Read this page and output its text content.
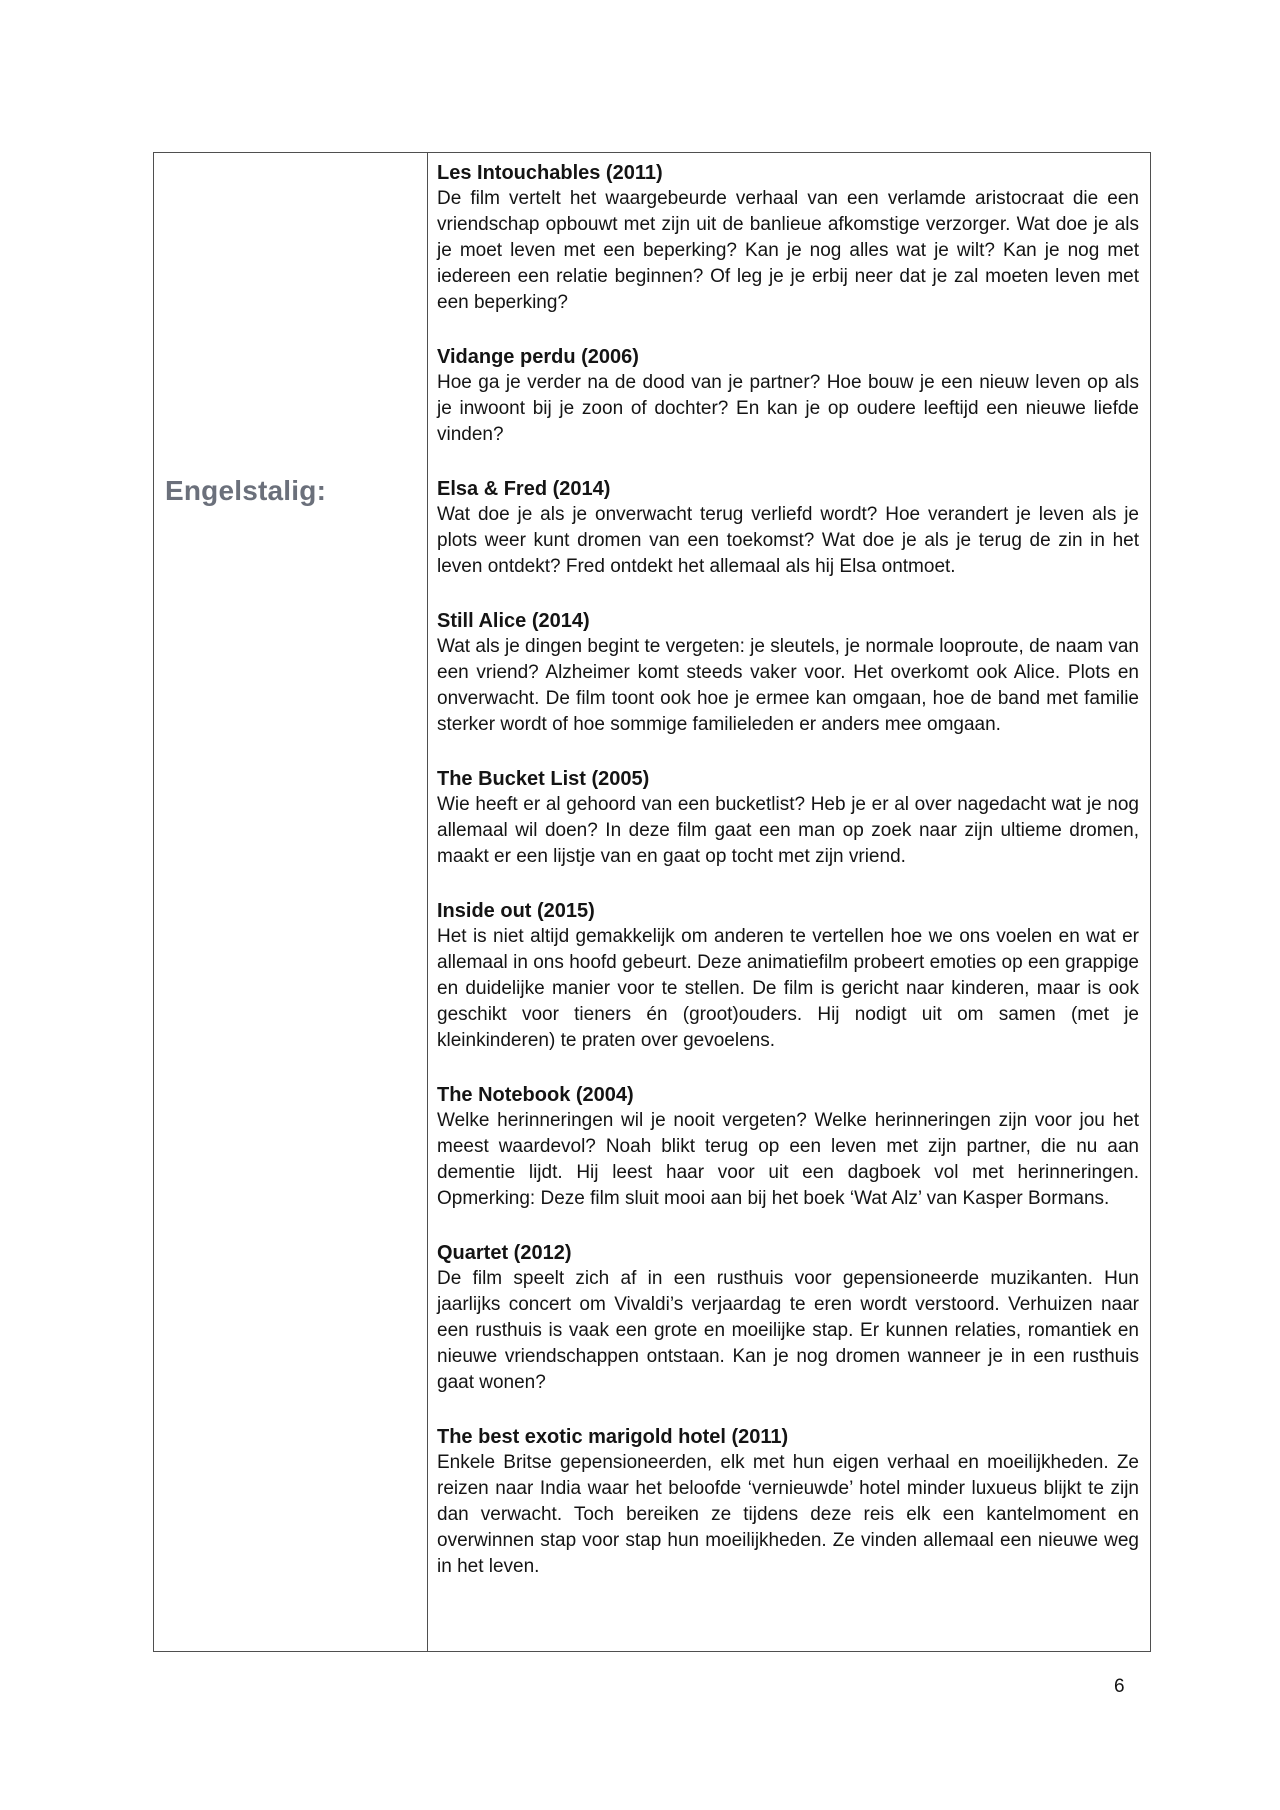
Engelstalig:
Les Intouchables (2011)

De film vertelt het waargebeurde verhaal van een verlamde aristocraat die een vriendschap opbouwt met zijn uit de banlieue afkomstige verzorger. Wat doe je als je moet leven met een beperking? Kan je nog alles wat je wilt? Kan je nog met iedereen een relatie beginnen? Of leg je je erbij neer dat je zal moeten leven met een beperking?

Vidange perdu (2006)

Hoe ga je verder na de dood van je partner? Hoe bouw je een nieuw leven op als je inwoont bij je zoon of dochter? En kan je op oudere leeftijd een nieuwe liefde vinden?

Elsa & Fred (2014)

Wat doe je als je onverwacht terug verliefd wordt? Hoe verandert je leven als je plots weer kunt dromen van een toekomst? Wat doe je als je terug de zin in het leven ontdekt? Fred ontdekt het allemaal als hij Elsa ontmoet.

Still Alice (2014)

Wat als je dingen begint te vergeten: je sleutels, je normale looproute, de naam van een vriend? Alzheimer komt steeds vaker voor. Het overkomt ook Alice. Plots en onverwacht. De film toont ook hoe je ermee kan omgaan, hoe de band met familie sterker wordt of hoe sommige familieleden er anders mee omgaan.

The Bucket List (2005)

Wie heeft er al gehoord van een bucketlist? Heb je er al over nagedacht wat je nog allemaal wil doen? In deze film gaat een man op zoek naar zijn ultieme dromen, maakt er een lijstje van en gaat op tocht met zijn vriend.

Inside out (2015)

Het is niet altijd gemakkelijk om anderen te vertellen hoe we ons voelen en wat er allemaal in ons hoofd gebeurt. Deze animatiefilm probeert emoties op een grappige en duidelijke manier voor te stellen. De film is gericht naar kinderen, maar is ook geschikt voor tieners én (groot)ouders. Hij nodigt uit om samen (met je kleinkinderen) te praten over gevoelens.

The Notebook (2004)

Welke herinneringen wil je nooit vergeten? Welke herinneringen zijn voor jou het meest waardevol? Noah blikt terug op een leven met zijn partner, die nu aan dementie lijdt. Hij leest haar voor uit een dagboek vol met herinneringen. Opmerking: Deze film sluit mooi aan bij het boek ‘Wat Alz’ van Kasper Bormans.

Quartet (2012)

De film speelt zich af in een rusthuis voor gepensioneerde muzikanten. Hun jaarlijks concert om Vivaldi’s verjaardag te eren wordt verstoord. Verhuizen naar een rusthuis is vaak een grote en moeilijke stap. Er kunnen relaties, romantiek en nieuwe vriendschappen ontstaan. Kan je nog dromen wanneer je in een rusthuis gaat wonen?

The best exotic marigold hotel (2011)

Enkele Britse gepensioneerden, elk met hun eigen verhaal en moeilijkheden. Ze reizen naar India waar het beloofde ‘vernieuwde’ hotel minder luxueus blijkt te zijn dan verwacht. Toch bereiken ze tijdens deze reis elk een kantelmoment en overwinnen stap voor stap hun moeilijkheden. Ze vinden allemaal een nieuwe weg in het leven.

6
